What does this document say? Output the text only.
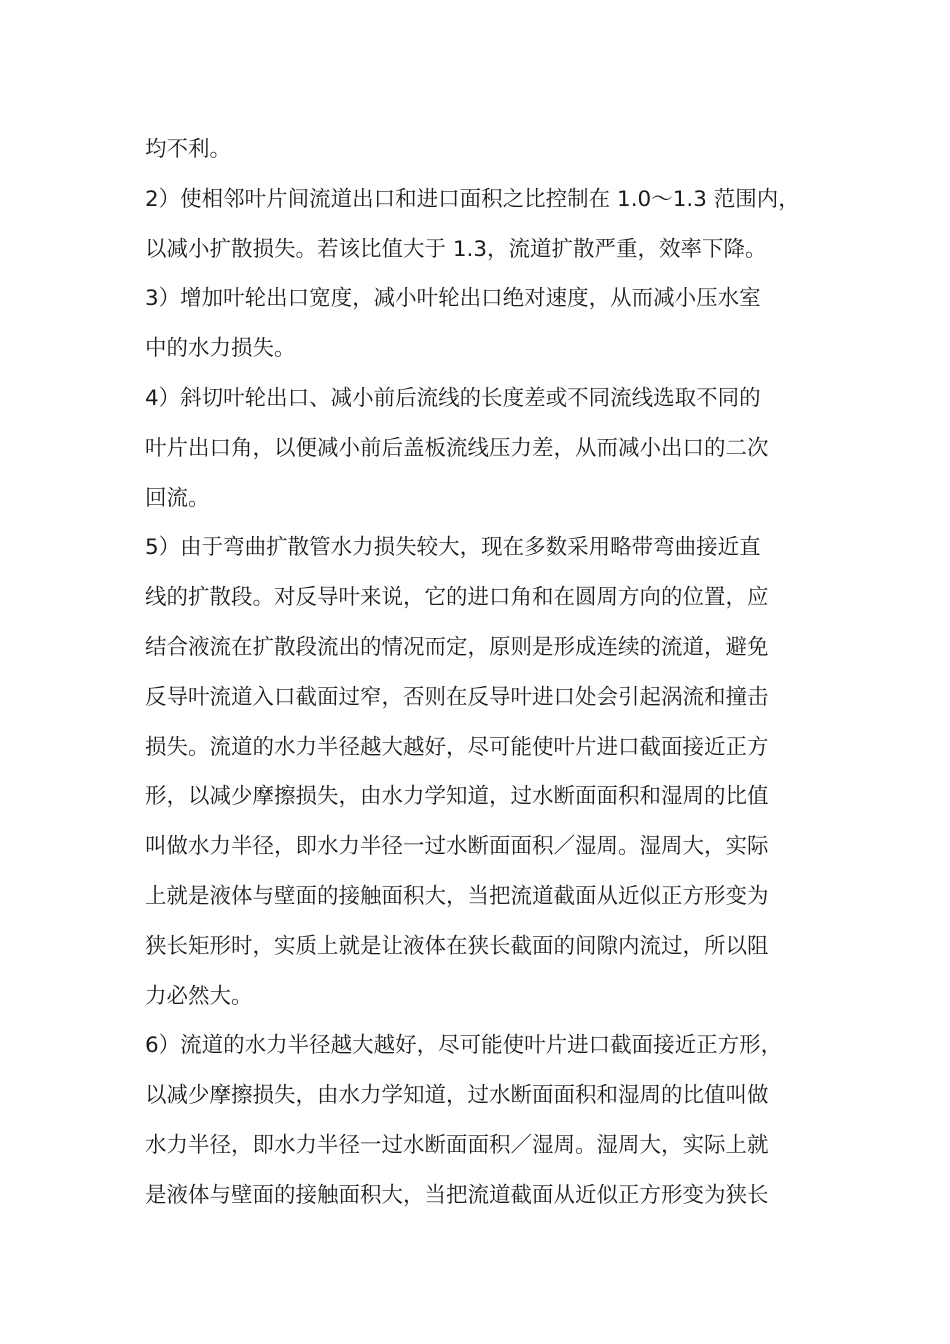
均不利。
2）使相邻叶片间流道出口和进口面积之比控制在 1.0～1.3 范围内，
以减小扩散损失。若该比值大于 1.3，流道扩散严重，效率下降。
3）增加叶轮出口宽度，减小叶轮出口绝对速度，从而减小压水室
中的水力损失。
4）斜切叶轮出口、减小前后流线的长度差或不同流线选取不同的
叶片出口角，以便减小前后盖板流线压力差，从而减小出口的二次
回流。
5）由于弯曲扩散管水力损失较大，现在多数采用略带弯曲接近直
线的扩散段。对反导叶来说，它的进口角和在圆周方向的位置，应
结合液流在扩散段流出的情况而定，原则是形成连续的流道，避免
反导叶流道入口截面过窄，否则在反导叶进口处会引起涡流和撞击
损失。流道的水力半径越大越好，尽可能使叶片进口截面接近正方
形，以减少摩擦损失，由水力学知道，过水断面面积和湿周的比值
叫做水力半径，即水力半径一过水断面面积／湿周。湿周大，实际
上就是液体与壁面的接触面积大，当把流道截面从近似正方形变为
狭长矩形时，实质上就是让液体在狭长截面的间隙内流过，所以阻
力必然大。
6）流道的水力半径越大越好，尽可能使叶片进口截面接近正方形，
以减少摩擦损失，由水力学知道，过水断面面积和湿周的比值叫做
水力半径，即水力半径一过水断面面积／湿周。湿周大，实际上就
是液体与壁面的接触面积大，当把流道截面从近似正方形变为狭长
